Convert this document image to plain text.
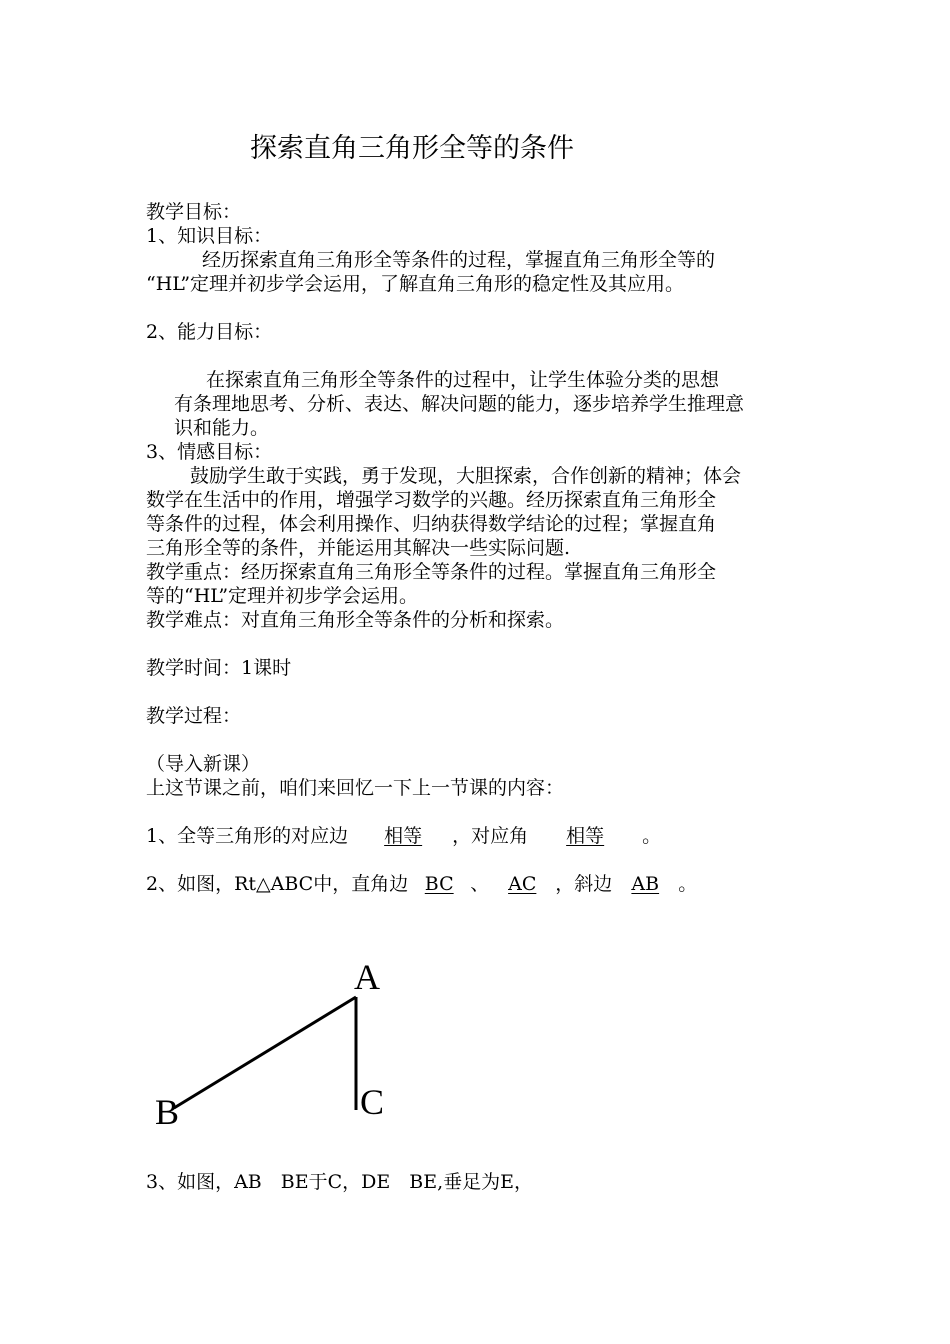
探索直角三角形全等的条件
教学目标：
1、知识目标：
经历探索直角三角形全等条件的过程，掌握直角三角形全等的
“HL”定理并初步学会运用，了解直角三角形的稳定性及其应用。
2、能力目标：
在探索直角三角形全等条件的过程中，让学生体验分类的思想
有条理地思考、分析、表达、解决问题的能力，逐步培养学生推理意
识和能力。
3、情感目标：
鼓励学生敢于实践，勇于发现，大胆探索，合作创新的精神；体会
数学在生活中的作用，增强学习数学的兴趣。经历探索直角三角形全
等条件的过程，体会利用操作、归纳获得数学结论的过程；掌握直角
三角形全等的条件，并能运用其解决一些实际问题.
教学重点：经历探索直角三角形全等条件的过程。掌握直角三角形全
等的“HL”定理并初步学会运用。
教学难点：对直角三角形全等条件的分析和探索。
教学时间：1课时
教学过程：
（导入新课）
上这节课之前，咱们来回忆一下上一节课的内容：
1、全等三角形的对应边 相等 ，对应角 相等 。
2、如图，Rt△ABC中，直角边 BC 、 AC ，斜边 AB 。
A
B	C
3、如图，AB　BE于C，DE　BE,垂足为E，
